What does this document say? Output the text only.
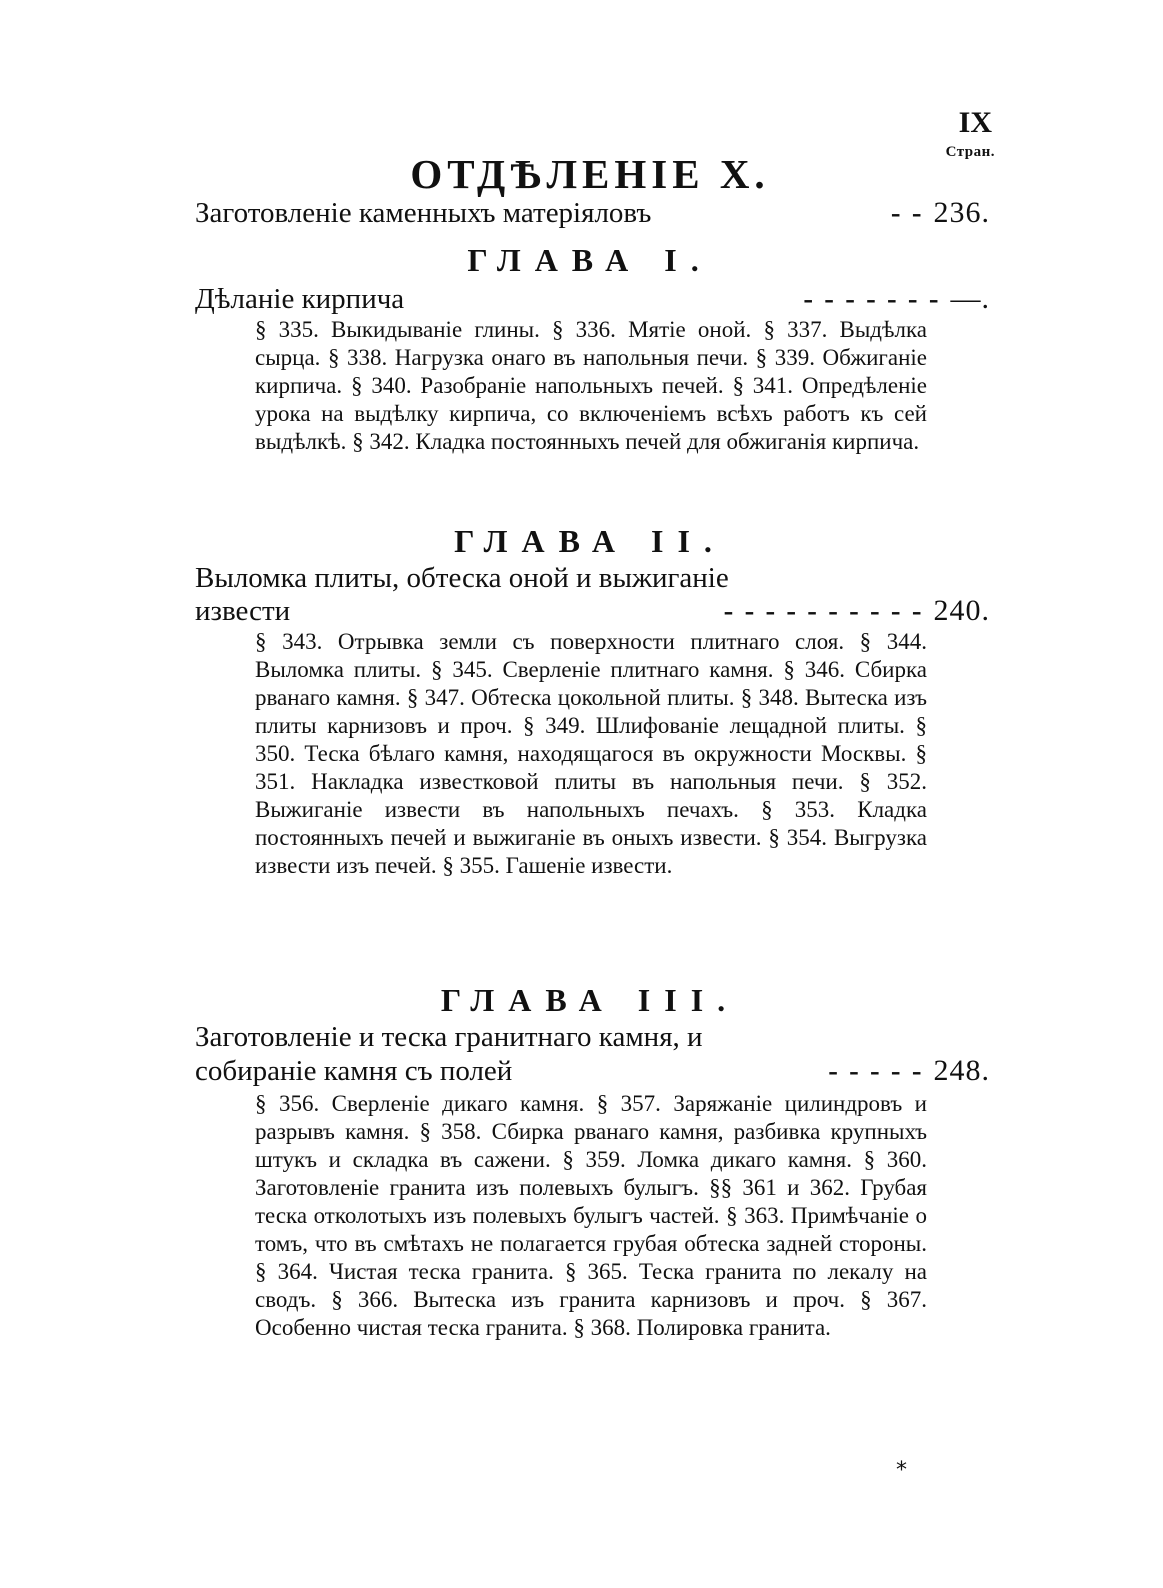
IX
Стран.
ОТДѢЛЕНІЕ X.
Заготовленіе каменныхъ матеріяловъ	- - 236.
ГЛАВА I.
Дѣланіе кирпича	- - - - - - - —.
§ 335. Выкидываніе глины. § 336. Мятіе оной. § 337. Выдѣлка сырца. § 338. Нагрузка онаго въ напольныя печи. § 339. Обжиганіе кирпича. § 340. Разобраніе напольныхъ печей. § 341. Опредѣленіе урока на выдѣлку кирпича, со включеніемъ всѣхъ работъ къ сей выдѣлкѣ. § 342. Кладка постоянныхъ печей для обжиганія кирпича.
ГЛАВА II.
Выломка плиты, обтеска оной и выжиганіе
извести	- - - - - - - - - - 240.
§ 343. Отрывка земли съ поверхности плитнаго слоя. § 344. Выломка плиты. § 345. Сверленіе плитнаго камня. § 346. Сбирка рванаго камня. § 347. Обтеска цокольной плиты. § 348. Вытеска изъ плиты карнизовъ и проч. § 349. Шлифованіе лещадной плиты. § 350. Теска бѣлаго камня, находящагося въ окружности Москвы. § 351. Накладка известковой плиты въ напольныя печи. § 352. Выжиганіе извести въ напольныхъ печахъ. § 353. Кладка постоянныхъ печей и выжиганіе въ оныхъ извести. § 354. Выгрузка извести изъ печей. § 355. Гашеніе извести.
ГЛАВА III.
Заготовленіе и теска гранитнаго камня, и
собираніе камня съ полей	- - - - - 248.
§ 356. Сверленіе дикаго камня. § 357. Заряжаніе цилиндровъ и разрывъ камня. § 358. Сбирка рванаго камня, разбивка крупныхъ штукъ и складка въ сажени. § 359. Ломка дикаго камня. § 360. Заготовленіе гранита изъ полевыхъ булыгъ. §§ 361 и 362. Грубая теска отколотыхъ изъ полевыхъ булыгъ частей. § 363. Примѣчаніе о томъ, что въ смѣтахъ не полагается грубая обтеска задней стороны. § 364. Чистая теска гранита. § 365. Теска гранита по лекалу на сводъ. § 366. Вытеска изъ гранита карнизовъ и проч. § 367. Особенно чистая теска гранита. § 368. Полировка гранита.
*
